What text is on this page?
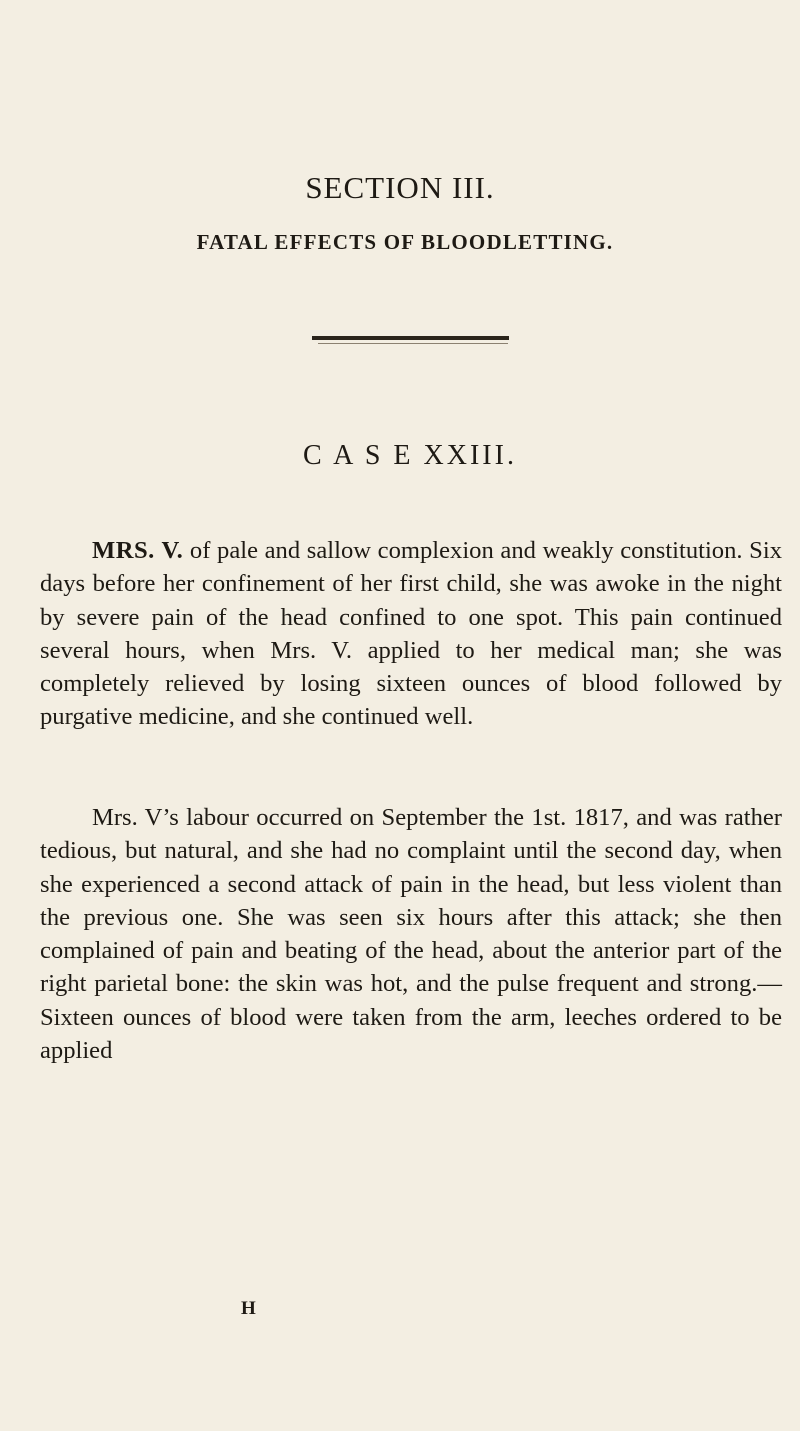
SECTION III.
FATAL EFFECTS OF BLOODLETTING.
C A S E XXIII.

MRS. V. of pale and sallow complexion and weakly constitution. Six days before her confinement of her first child, she was awoke in the night by severe pain of the head confined to one spot. This pain continued several hours, when Mrs. V. applied to her medical man; she was completely relieved by losing sixteen ounces of blood followed by purgative medicine, and she continued well.

Mrs. V’s labour occurred on September the 1st. 1817, and was rather tedious, but natural, and she had no complaint until the second day, when she experienced a second attack of pain in the head, but less violent than the previous one. She was seen six hours after this attack; she then complained of pain and beating of the head, about the anterior part of the right parietal bone: the skin was hot, and the pulse frequent and strong.—Sixteen ounces of blood were taken from the arm, leeches ordered to be applied

H
